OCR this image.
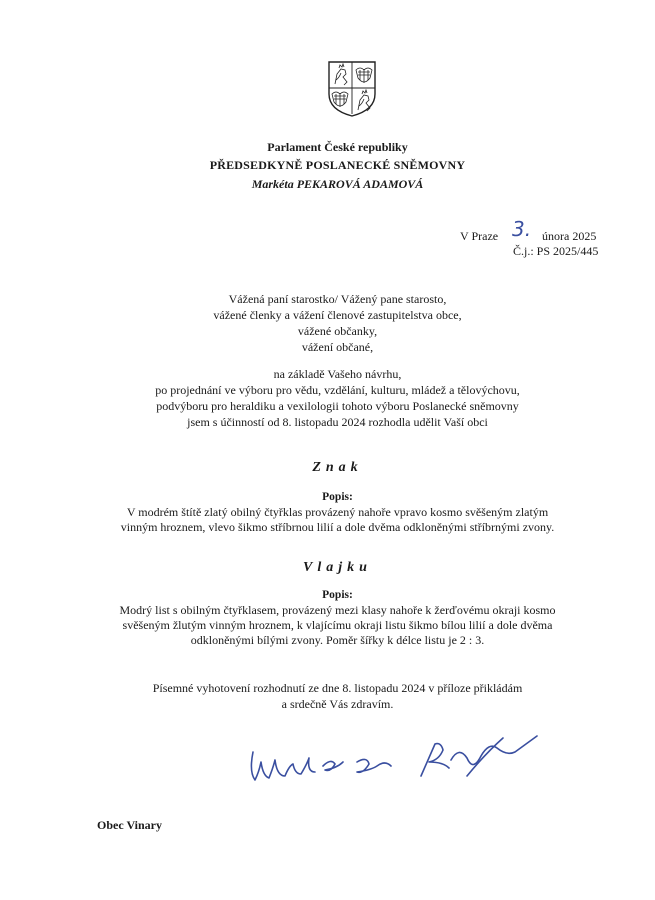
Parlament České republiky
PŘEDSEDKYNĚ POSLANECKÉ SNĚMOVNY
Markéta PEKAROVÁ ADAMOVÁ
V Praze 3. února 2025
Č.j.: PS 2025/445
Vážená paní starostko/ Vážený pane starosto,
vážené členky a vážení členové zastupitelstva obce,
vážené občanky,
vážení občané,
na základě Vašeho návrhu,
po projednání ve výboru pro vědu, vzdělání, kulturu, mládež a tělovýchovu,
podvýboru pro heraldiku a vexilologii tohoto výboru Poslanecké sněmovny
jsem s účinností od 8. listopadu 2024 rozhodla udělit Vaší obci
Znak
Popis:
V modrém štítě zlatý obilný čtyřklas provázený nahoře vpravo kosmo svěšeným zlatým
vinným hroznem, vlevo šikmo stříbrnou lilií a dole dvěma odkloněnými stříbrnými zvony.
Vlajku
Popis:
Modrý list s obilným čtyřklasem, provázený mezi klasy nahoře k žerďovému okraji kosmo
svěšeným žlutým vinným hroznem, k vlajícímu okraji listu šikmo bílou lilií a dole dvěma
odkloněnými bílými zvony. Poměr šířky k délce listu je 2 : 3.
Písemné vyhotovení rozhodnutí ze dne 8. listopadu 2024 v příloze přikládám
a srdečně Vás zdravím.
Obec Vinary
